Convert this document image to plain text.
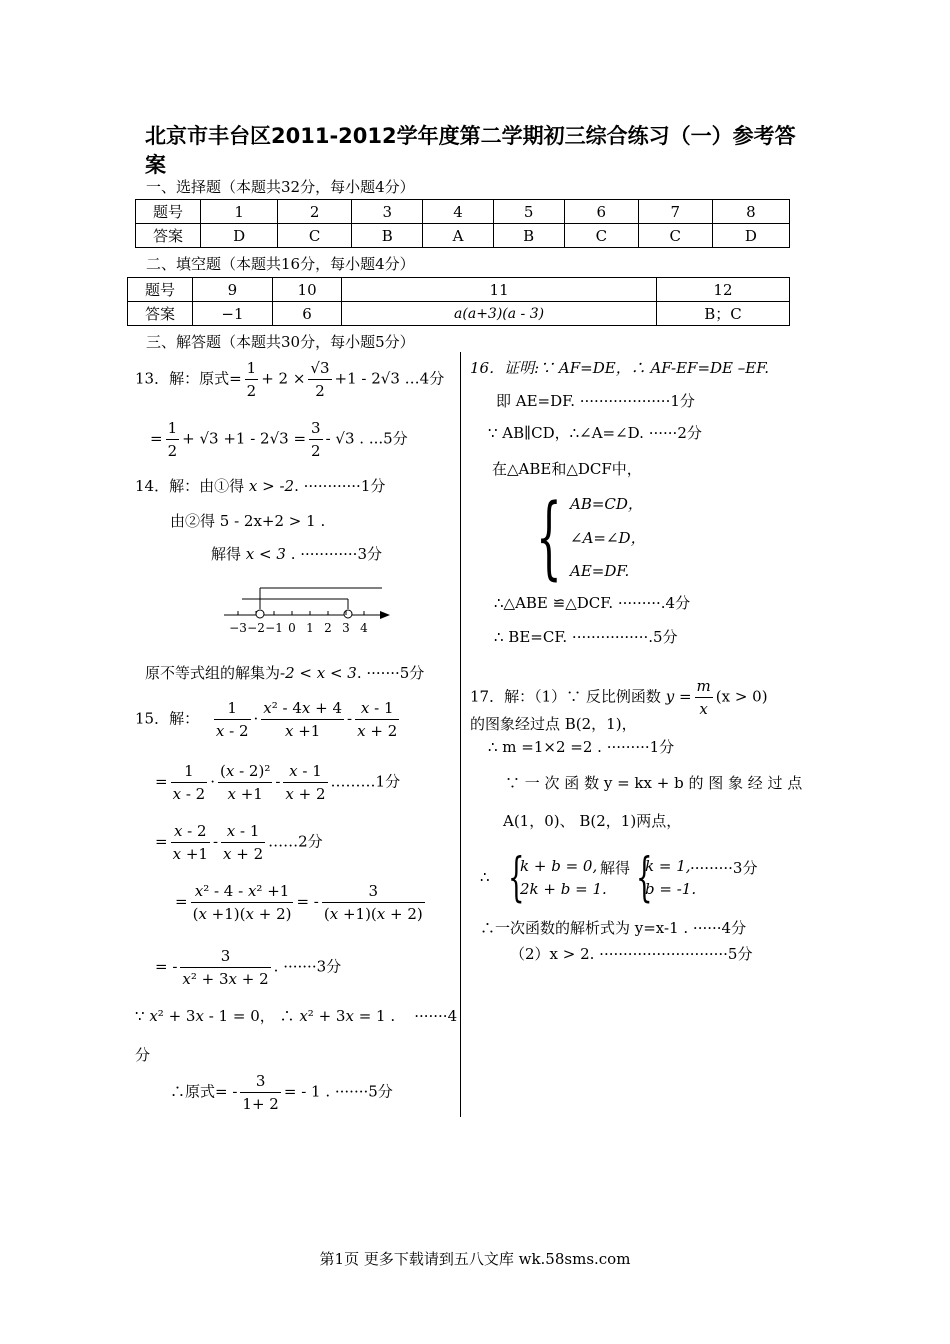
北京市丰台区2011-2012学年度第二学期初三综合练习（一）参考答案
一、选择题（本题共32分，每小题4分）
题号	1	2	3	4	5	6	7	8
答案	D	C	B	A	B	C	C	D
二、填空题（本题共16分，每小题4分）
题号	9	10	11	12
答案	−1	6	a(a+3)(a - 3)	B；C
三、解答题（本题共30分，每小题5分）
13．解：原式= $\frac{1}{2} + 2 \times \frac{√3}{2} +1 - 2√3$ …4分
= $\frac{1}{2} + √3 +1 - 2√3 = \frac{3}{2} - √3$ . ...5分
14．解：由①得 x > -2. ············1分
由②得 5 - 2x+2 > 1 .
解得 x < 3 . ············3分
−3 −2 −1 0 1 2 3 4
原不等式组的解集为-2 < x < 3. ·······5分
15．解： $\frac{1}{x - 2} \cdot \frac{\text{x² - 4x + 4}}{x +1} - \frac{x - 1}{x + 2}$
= $\frac{1}{x - 2} \cdot \frac{\text{(x - 2)²}}{x +1} - \frac{x - 1}{x + 2}$ ………1分
= $\frac{x - 2}{x +1} - \frac{x - 1}{x + 2}$ ……2分
= $\frac{\text{x² - 4 - x² +1}}{(x +1)(x + 2)}$ = - $\frac{3}{(x +1)(x + 2)}$
= - $\frac{3}{\text{x² + 3x + 2}}$ . ·······3分
∵ x² + 3x - 1 = 0， ∴ x² + 3x = 1 .    ·······4
分
∴原式= - $\frac{3}{1+ 2}$ = - 1 . ·······5分
16．证明:∵ AF=DE，∴ AF-EF=DE –EF.
即 AE=DF. ···················1分
∵ AB∥CD，∴∠A=∠D. ······2分
在△ABE和△DCF中，
{ AB=CD，
∠A=∠D，
AE=DF.
∴△ABE ≌△DCF. ·········.4分
∴ BE=CF. ················.5分
17．解：（1）∵ 反比例函数 $y = \frac{m}{x} (x > 0)$
的图象经过点 B(2，1)，
∴ m =1×2 =2 . ·········1分
∵ 一 次 函 数 y = kx + b 的 图 象 经 过 点
A(1，0)、 B(2，1)两点，
∴ {
k + b = 0,
2k + b = 1.
解得 {
k = 1,
b = -1.
·········3分
∴一次函数的解析式为 y=x-1 . ······4分
（2）x > 2. ···························5分
第1页 更多下载请到五八文库 wk.58sms.com
